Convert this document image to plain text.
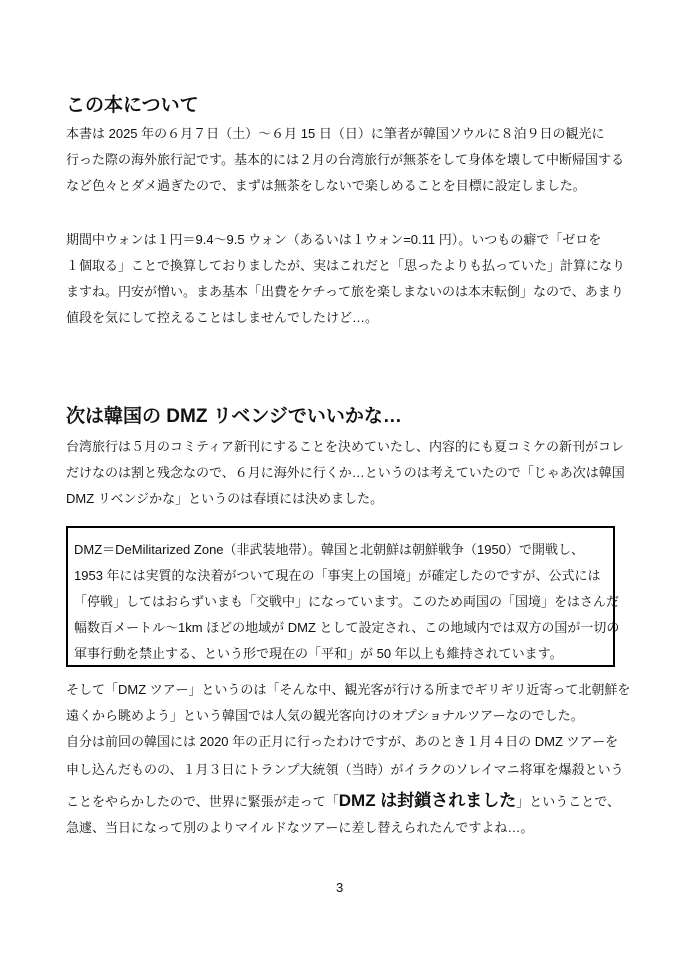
この本について
本書は 2025 年の６月７日（土）～６月 15 日（日）に筆者が韓国ソウルに８泊９日の観光に
行った際の海外旅行記です。基本的には２月の台湾旅行が無茶をして身体を壊して中断帰国する
など色々とダメ過ぎたので、まずは無茶をしないで楽しめることを目標に設定しました。
期間中ウォンは１円＝9.4～9.5 ウォン（あるいは１ウォン=0.11 円）。いつもの癖で「ゼロを
１個取る」ことで換算しておりましたが、実はこれだと「思ったよりも払っていた」計算になり
ますね。円安が憎い。まあ基本「出費をケチって旅を楽しまないのは本末転倒」なので、あまり
値段を気にして控えることはしませんでしたけど…。
次は韓国の DMZ リベンジでいいかな…
台湾旅行は５月のコミティア新刊にすることを決めていたし、内容的にも夏コミケの新刊がコレ
だけなのは割と残念なので、６月に海外に行くか…というのは考えていたので「じゃあ次は韓国
DMZ リベンジかな」というのは春頃には決めました。
DMZ＝DeMilitarized Zone（非武装地帯）。韓国と北朝鮮は朝鮮戦争（1950）で開戦し、
1953 年には実質的な決着がついて現在の「事実上の国境」が確定したのですが、公式には
「停戦」してはおらずいまも「交戦中」になっています。このため両国の「国境」をはさんだ
幅数百メートル～1km ほどの地域が DMZ として設定され、この地域内では双方の国が一切の
軍事行動を禁止する、という形で現在の「平和」が 50 年以上も維持されています。
そして「DMZ ツアー」というのは「そんな中、観光客が行ける所までギリギリ近寄って北朝鮮を
遠くから眺めよう」という韓国では人気の観光客向けのオプショナルツアーなのでした。
自分は前回の韓国には 2020 年の正月に行ったわけですが、あのとき１月４日の DMZ ツアーを
申し込んだものの、１月３日にトランプ大統領（当時）がイラクのソレイマニ将軍を爆殺という
ことをやらかしたので、世界に緊張が走って「DMZ は封鎖されました」ということで、
急遽、当日になって別のよりマイルドなツアーに差し替えられたんですよね…。
3
